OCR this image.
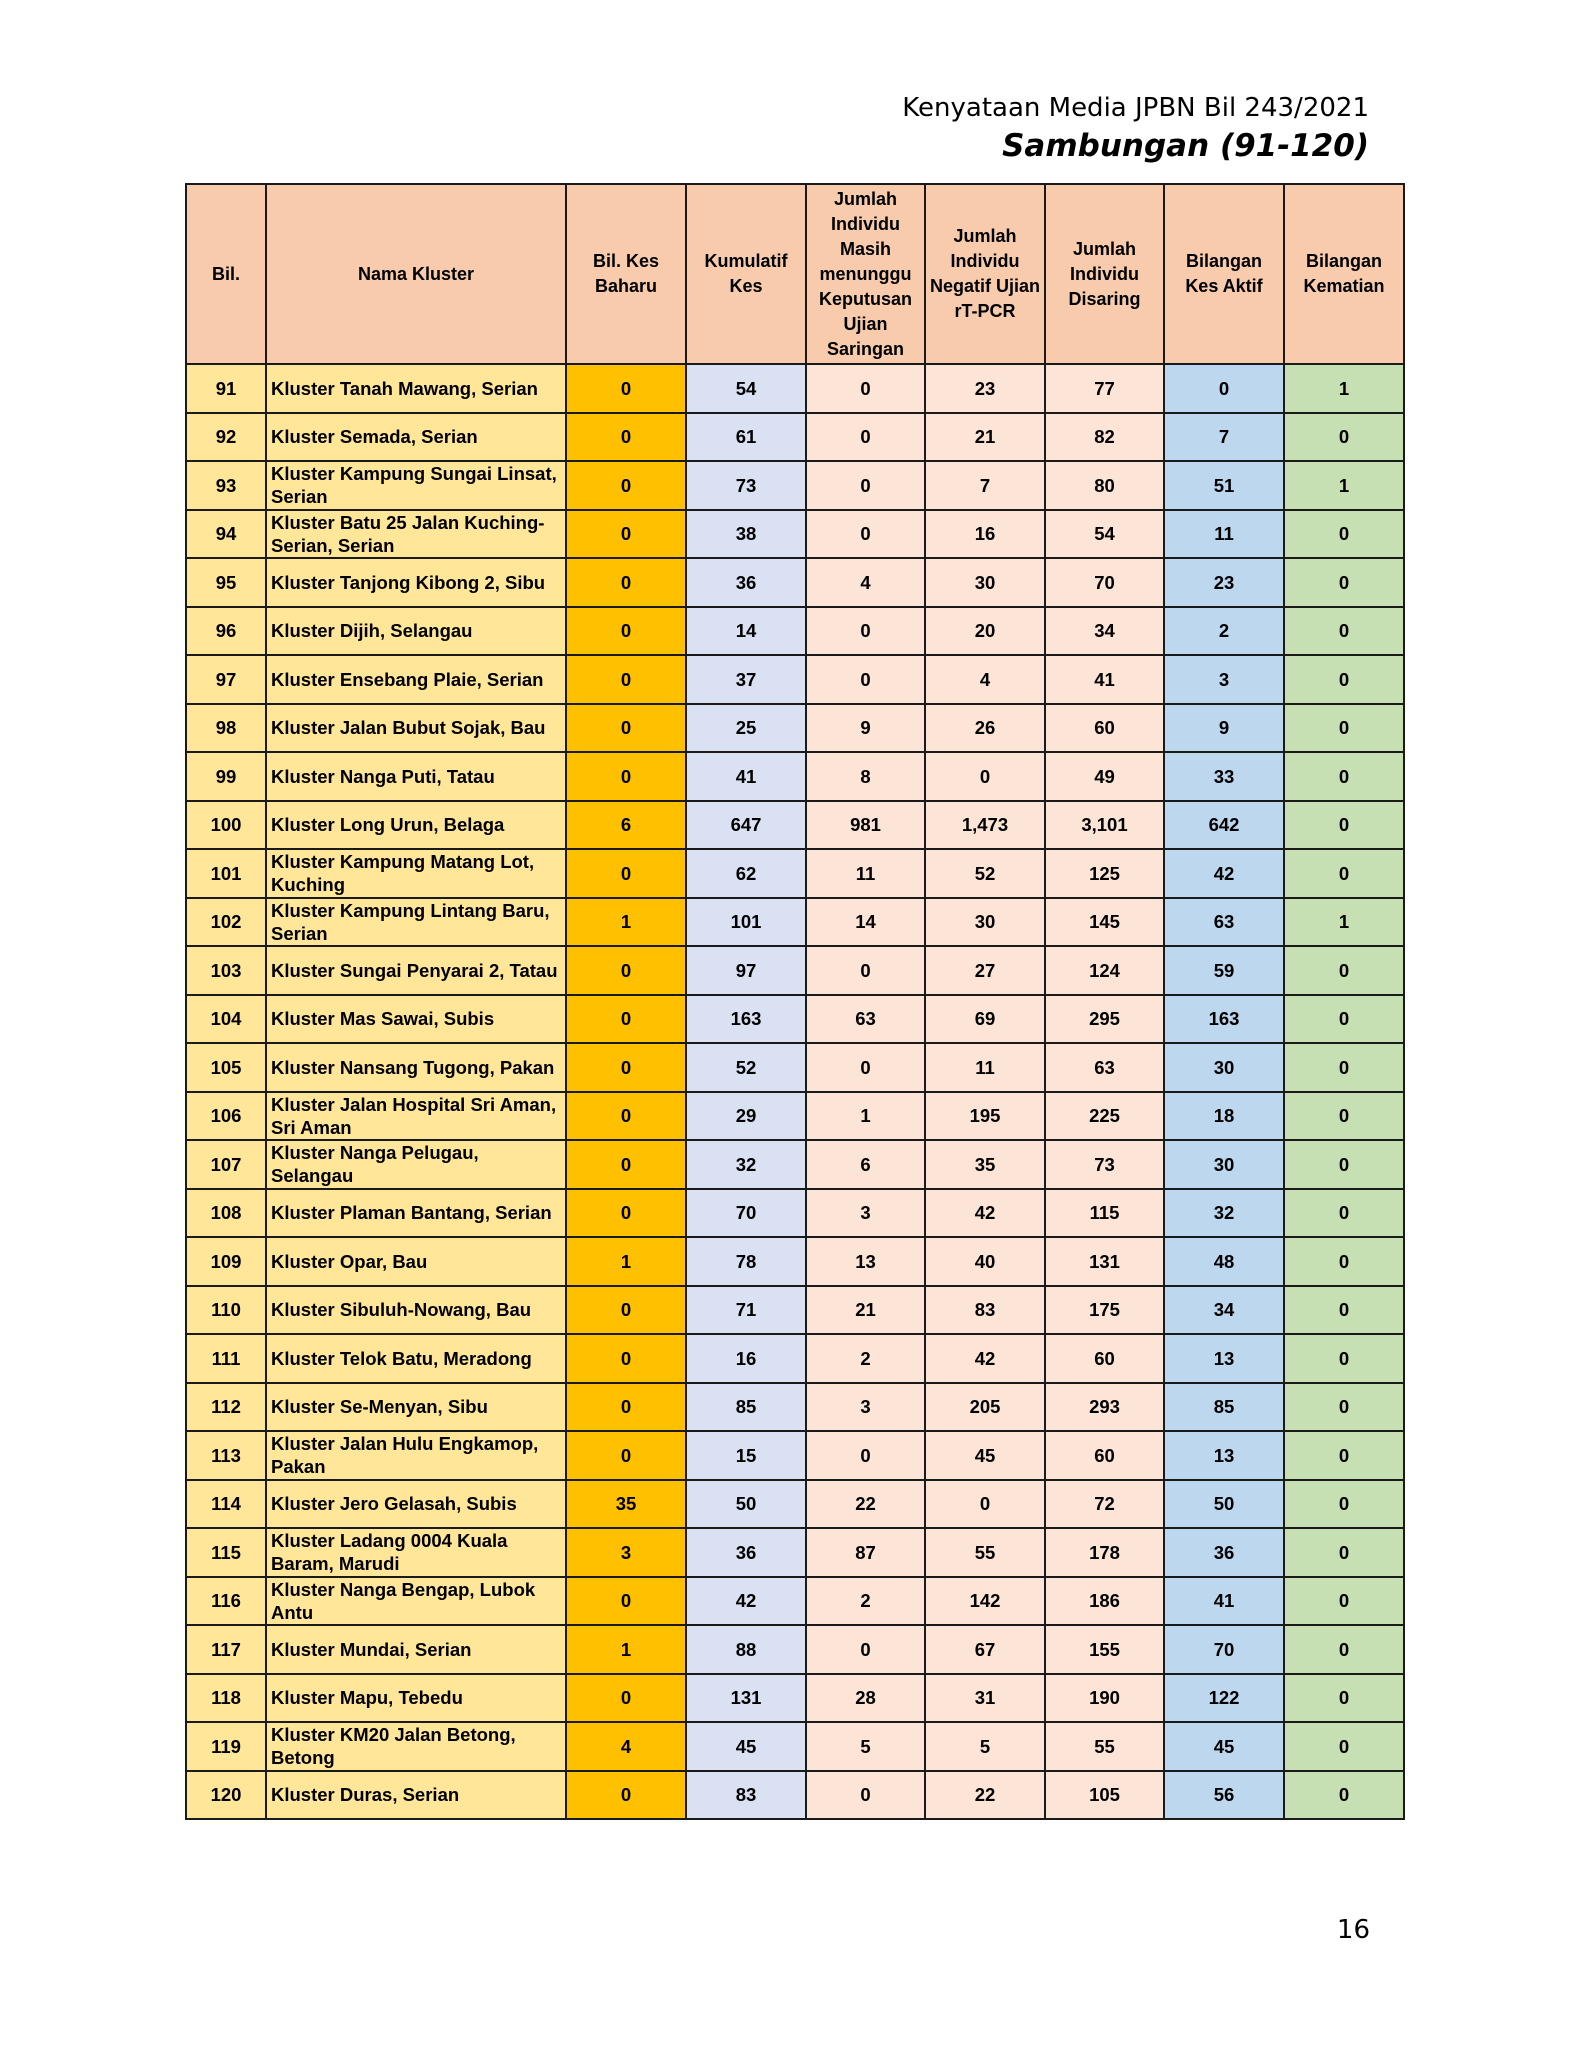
Kenyataan Media JPBN Bil 243/2021
Sambungan (91-120)
Bil.	Nama Kluster	Bil. Kes Baharu	Kumulatif Kes	Jumlah Individu Masih menunggu Keputusan Ujian Saringan	Jumlah Individu Negatif Ujian rT-PCR	Jumlah Individu Disaring	Bilangan Kes Aktif	Bilangan Kematian
91	Kluster Tanah Mawang, Serian	0	54	0	23	77	0	1
92	Kluster Semada, Serian	0	61	0	21	82	7	0
93	Kluster Kampung Sungai Linsat, Serian	0	73	0	7	80	51	1
94	Kluster Batu 25 Jalan Kuching-Serian, Serian	0	38	0	16	54	11	0
95	Kluster Tanjong Kibong 2, Sibu	0	36	4	30	70	23	0
96	Kluster Dijih, Selangau	0	14	0	20	34	2	0
97	Kluster Ensebang Plaie, Serian	0	37	0	4	41	3	0
98	Kluster Jalan Bubut Sojak, Bau	0	25	9	26	60	9	0
99	Kluster Nanga Puti, Tatau	0	41	8	0	49	33	0
100	Kluster Long Urun, Belaga	6	647	981	1,473	3,101	642	0
101	Kluster Kampung Matang Lot, Kuching	0	62	11	52	125	42	0
102	Kluster Kampung Lintang Baru, Serian	1	101	14	30	145	63	1
103	Kluster Sungai Penyarai 2, Tatau	0	97	0	27	124	59	0
104	Kluster Mas Sawai, Subis	0	163	63	69	295	163	0
105	Kluster Nansang Tugong, Pakan	0	52	0	11	63	30	0
106	Kluster Jalan Hospital Sri Aman, Sri Aman	0	29	1	195	225	18	0
107	Kluster Nanga Pelugau, Selangau	0	32	6	35	73	30	0
108	Kluster Plaman Bantang, Serian	0	70	3	42	115	32	0
109	Kluster Opar, Bau	1	78	13	40	131	48	0
110	Kluster Sibuluh-Nowang, Bau	0	71	21	83	175	34	0
111	Kluster Telok Batu, Meradong	0	16	2	42	60	13	0
112	Kluster Se-Menyan, Sibu	0	85	3	205	293	85	0
113	Kluster Jalan Hulu Engkamop, Pakan	0	15	0	45	60	13	0
114	Kluster Jero Gelasah, Subis	35	50	22	0	72	50	0
115	Kluster Ladang 0004 Kuala Baram, Marudi	3	36	87	55	178	36	0
116	Kluster Nanga Bengap, Lubok Antu	0	42	2	142	186	41	0
117	Kluster Mundai, Serian	1	88	0	67	155	70	0
118	Kluster Mapu, Tebedu	0	131	28	31	190	122	0
119	Kluster KM20 Jalan Betong, Betong	4	45	5	5	55	45	0
120	Kluster Duras, Serian	0	83	0	22	105	56	0
16
